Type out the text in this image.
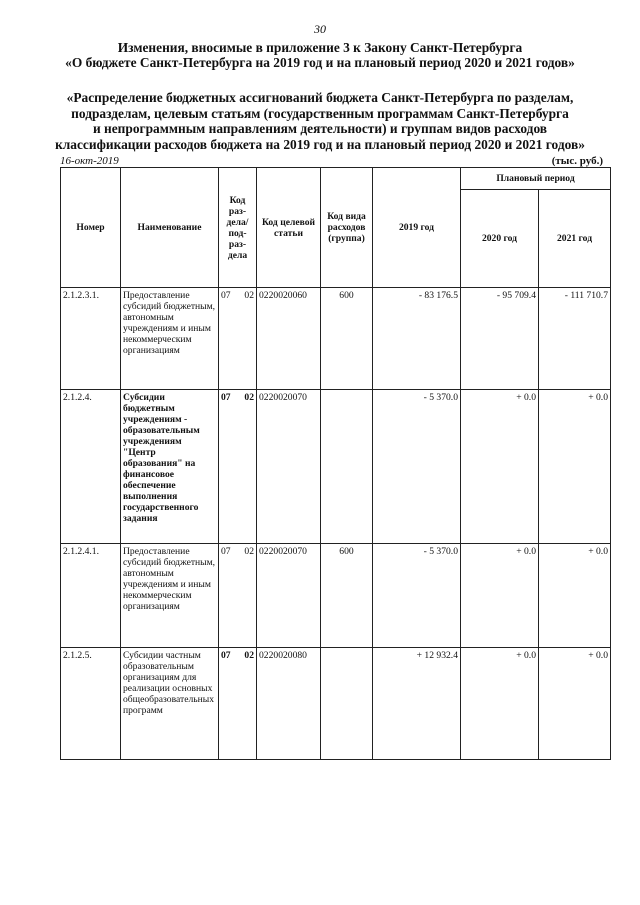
30
Изменения, вносимые в приложение 3 к Закону Санкт-Петербурга
«О бюджете Санкт-Петербурга на 2019 год и на плановый период 2020 и 2021 годов»
«Распределение бюджетных ассигнований бюджета Санкт-Петербурга по разделам,
подразделам, целевым статьям (государственным программам Санкт-Петербурга
и непрограммным направлениям деятельности) и группам видов расходов
классификации расходов бюджета на 2019 год и на плановый период 2020 и 2021 годов»
16-окт-2019	(тыс. руб.)
Номер	Наименование	Код раз-дела/ под-раз-дела	Код целевой статьи	Код вида расходов (группа)	2019 год	Плановый период	
						2020 год	2021 год
2.1.2.3.1.	Предоставление субсидий бюджетным, автономным учреждениям и иным некоммерческим организациям	07 02	0220020060	600	- 83 176.5	- 95 709.4	- 111 710.7
2.1.2.4.	Субсидии бюджетным учреждениям - образовательным учреждениям "Центр образования" на финансовое обеспечение выполнения государственного задания	07 02	0220020070		- 5 370.0	+ 0.0	+ 0.0
2.1.2.4.1.	Предоставление субсидий бюджетным, автономным учреждениям и иным некоммерческим организациям	07 02	0220020070	600	- 5 370.0	+ 0.0	+ 0.0
2.1.2.5.	Субсидии частным образовательным организациям для реализации основных общеобразовательных программ	07 02	0220020080		+ 12 932.4	+ 0.0	+ 0.0
